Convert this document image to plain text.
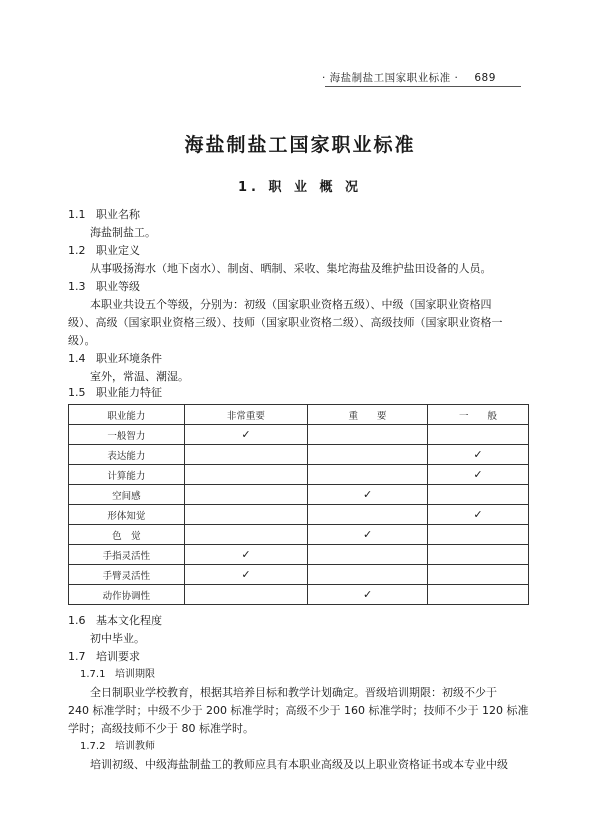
· 海盐制盐工国家职业标准 · 689
海盐制盐工国家职业标准
1. 职 业 概 况
1.1 职业名称
海盐制盐工。
1.2 职业定义
从事吸扬海水（地下卤水）、制卤、晒制、采收、集坨海盐及维护盐田设备的人员。
1.3 职业等级
本职业共设五个等级，分别为：初级（国家职业资格五级）、中级（国家职业资格四
级）、高级（国家职业资格三级）、技师（国家职业资格二级）、高级技师（国家职业资格一
级）。
1.4 职业环境条件
室外，常温、潮湿。
1.5 职业能力特征
职业能力	非常重要	重　　要	一　　般
一般智力	✓		
表达能力			✓
计算能力			✓
空间感		✓	
形体知觉			✓
色　觉		✓	
手指灵活性	✓		
手臂灵活性	✓		
动作协调性		✓	
1.6 基本文化程度
初中毕业。
1.7 培训要求
1.7.1 培训期限
全日制职业学校教育，根据其培养目标和教学计划确定。晋级培训期限：初级不少于
240 标准学时；中级不少于 200 标准学时；高级不少于 160 标准学时；技师不少于 120 标准
学时；高级技师不少于 80 标准学时。
1.7.2 培训教师
培训初级、中级海盐制盐工的教师应具有本职业高级及以上职业资格证书或本专业中级
